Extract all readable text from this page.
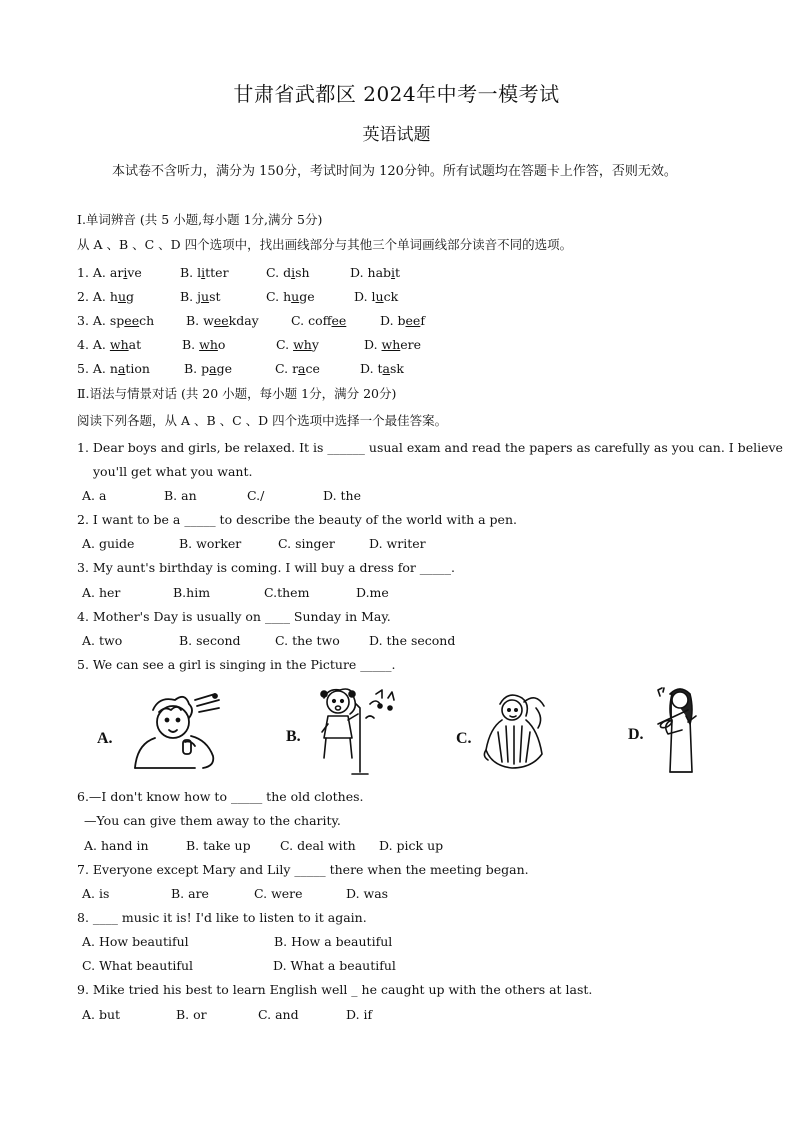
甘肃省武都区 2024年中考一模考试
英语试题
本试卷不含听力，满分为 150分，考试时间为 120分钟。所有试题均在答题卡上作答，否则无效。
Ⅰ.单词辨音 (共 5 小题,每小题 1分,满分 5分)
从 A 、B 、C 、D 四个选项中，找出画线部分与其他三个单词画线部分读音不同的选项。
1. A. arive	B. litter	C. dish	D. habit
2. A. hug	B. just	C. huge	D. luck
3. A. speech	B. weekday	C. coffee	D. beef
4. A. what	B. who	C. why	D. where
5. A. nation	B. page	C. race	D. task
Ⅱ.语法与情景对话 (共 20 小题，每小题 1分，满分 20分)
阅读下列各题，从 A 、B 、C 、D 四个选项中选择一个最佳答案。
1. Dear boys and girls, be relaxed. It is ______ usual exam and read the papers as carefully as you can. I believe
you'll get what you want.
A. a	B. an	C./	D. the
2. I want to be a _____ to describe the beauty of the world with a pen.
A. guide	B. worker	C. singer	D. writer
3. My aunt's birthday is coming. I will buy a dress for _____.
A. her	B.him	C.them	D.me
4. Mother's Day is usually on ____ Sunday in May.
A. two	B. second	C. the two D. the second
5. We can see a girl is singing in the Picture _____.
A.	B.	C.	D.
6.—I don't know how to _____ the old clothes.
—You can give them away to the charity.
A. hand in	B. take up C. deal with D. pick up
7. Everyone except Mary and Lily _____ there when the meeting began.
A. is	B. are	C. were	D. was
8. ____ music it is! I'd like to listen to it again.
A. How beautiful	B. How a beautiful
C. What beautiful	D. What a beautiful
9. Mike tried his best to learn English well _ he caught up with the others at last.
A. but	B. or	C. and	D. if
